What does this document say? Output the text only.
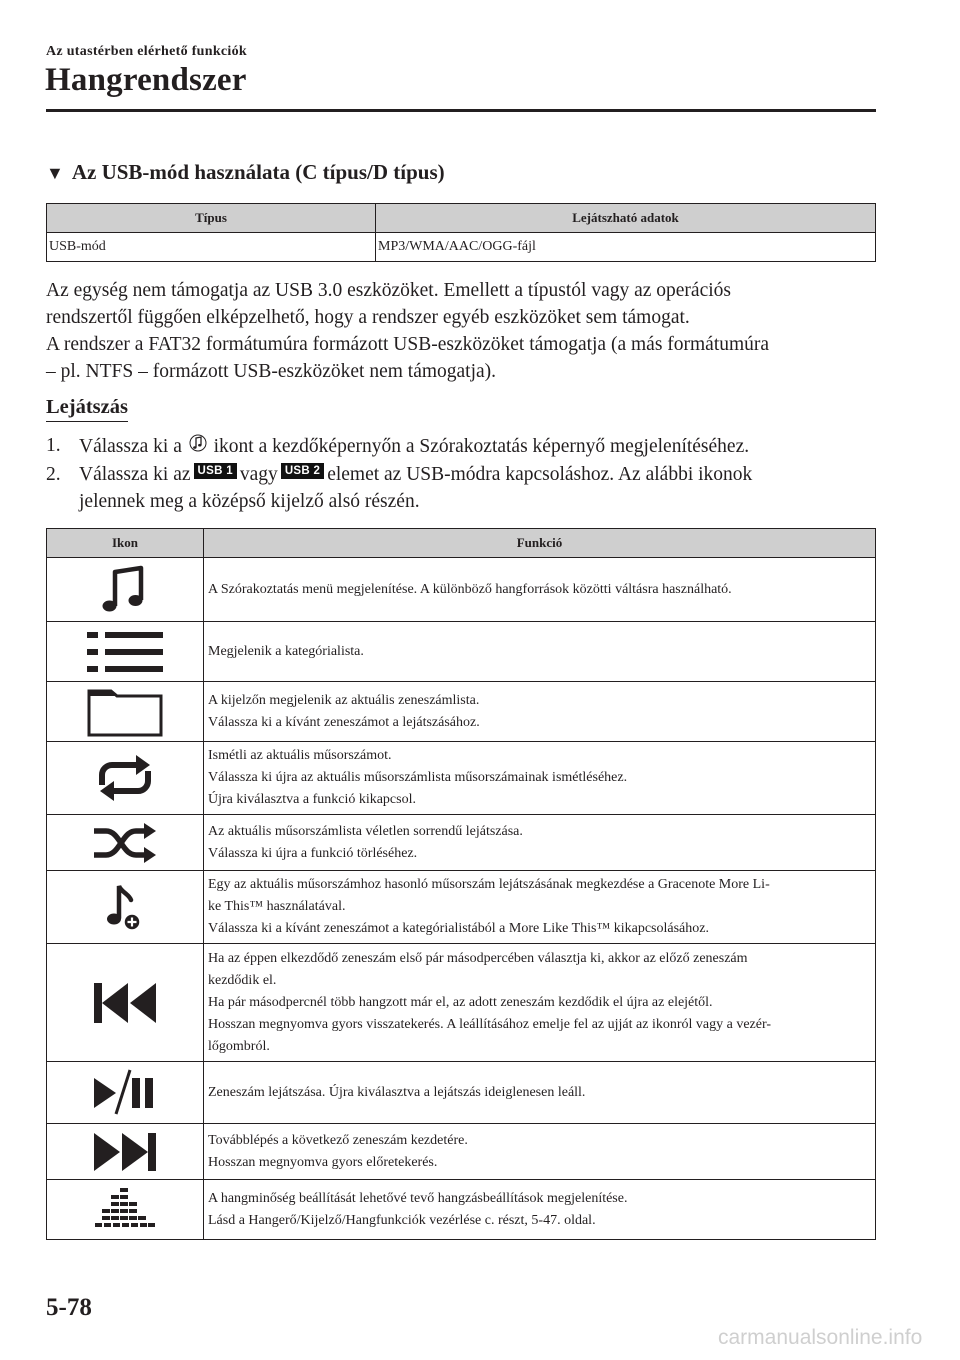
Az utastérben elérhető funkciók
Hangrendszer
▼ Az USB-mód használata (C típus/D típus)
Típus	Lejátszható adatok
USB-mód	MP3/WMA/AAC/OGG-fájl
Az egység nem támogatja az USB 3.0 eszközöket. Emellett a típustól vagy az operációs
rendszertől függően elképzelhető, hogy a rendszer egyéb eszközöket sem támogat.
A rendszer a FAT32 formátumúra formázott USB-eszközöket támogatja (a más formátumúra
– pl. NTFS – formázott USB-eszközöket nem támogatja).
Lejátszás
1. Válassza ki a ikont a kezdőképernyőn a Szórakoztatás képernyő megjelenítéséhez.
2. Válassza ki az USB 1 vagy USB 2 elemet az USB-módra kapcsoláshoz. Az alábbi ikonok
jelennek meg a középső kijelző alsó részén.
Ikon	Funkció

A Szórakoztatás menü megjelenítése. A különböző hangforrások közötti váltásra használható.

Megjelenik a kategórialista.

A kijelzőn megjelenik az aktuális zeneszámlista.
Válassza ki a kívánt zeneszámot a lejátszásához.

Ismétli az aktuális műsorszámot.
Válassza ki újra az aktuális műsorszámlista műsorszámainak ismétléséhez.
Újra kiválasztva a funkció kikapcsol.

Az aktuális műsorszámlista véletlen sorrendű lejátszása.
Válassza ki újra a funkció törléséhez.

Egy az aktuális műsorszámhoz hasonló műsorszám lejátszásának megkezdése a Gracenote More Li-
ke This™ használatával.
Válassza ki a kívánt zeneszámot a kategórialistából a More Like This™ kikapcsolásához.

Ha az éppen elkezdődő zeneszám első pár másodpercében választja ki, akkor az előző zeneszám
kezdődik el.
Ha pár másodpercnél több hangzott már el, az adott zeneszám kezdődik el újra az elejétől.
Hosszan megnyomva gyors visszatekerés. A leállításához emelje fel az ujját az ikonról vagy a vezér-
lőgombról.

Zeneszám lejátszása. Újra kiválasztva a lejátszás ideiglenesen leáll.

Továbblépés a következő zeneszám kezdetére.
Hosszan megnyomva gyors előretekerés.

A hangminőség beállítását lehetővé tevő hangzásbeállítások megjelenítése.
Lásd a Hangerő/Kijelző/Hangfunkciók vezérlése c. részt, 5-47. oldal.
5-78
carmanualsonline.info
